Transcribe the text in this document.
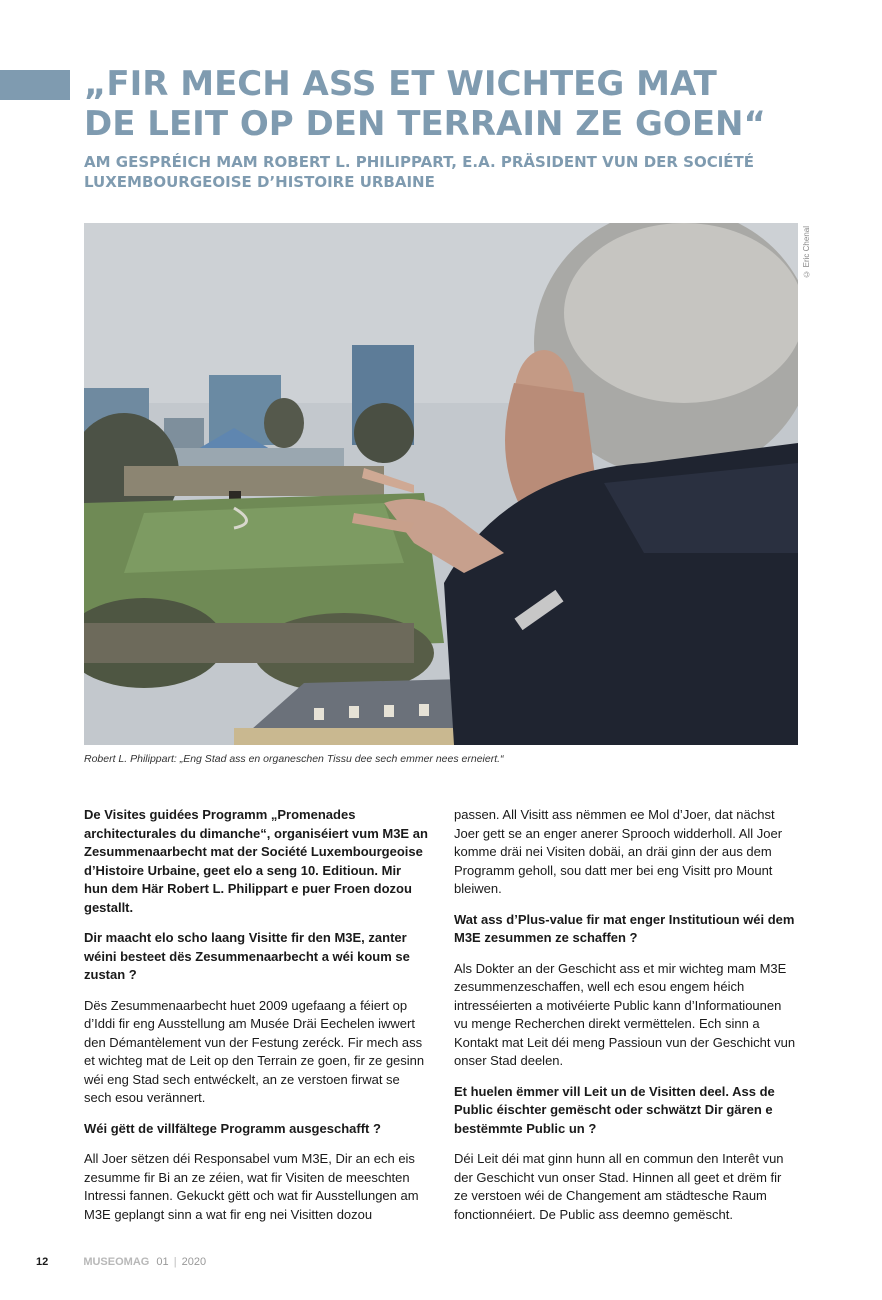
„FIR MECH ASS ET WICHTEG MAT
DE LEIT OP DEN TERRAIN ZE GOEN“
AM GESPRÉICH MAM ROBERT L. PHILIPPART, E.A. PRÄSIDENT VUN DER SOCIÉTÉ
LUXEMBOURGEOISE D’HISTOIRE URBAINE
© Eric Chenal
Robert L. Philippart: „Eng Stad ass en organeschen Tissu dee sech emmer nees erneiert.“

De Visites guidées Programm „Promenades architecturales du dimanche“, organiséiert vum M3E an Zesummenaarbecht mat der Société Luxembourgeoise d’Histoire Urbaine, geet elo a seng 10. Editioun. Mir hun dem Här Robert L. Philippart e puer Froen dozou gestallt.

Dir maacht elo scho laang Visitte fir den M3E, zanter wéini besteet dës Zesummenaarbecht a wéi koum se zustan ?

Dës Zesummenaarbecht huet 2009 ugefaang a féiert op d’Iddi fir eng Ausstellung am Musée Dräi Eechelen iwwert den Démantèlement vun der Festung zeréck. Fir mech ass et wichteg mat de Leit op den Terrain ze goen, fir ze gesinn wéi eng Stad sech entwéckelt, an ze verstoen firwat se sech esou verännert.

Wéi gëtt de villfältege Programm ausgeschafft ?

All Joer sëtzen déi Responsabel vum M3E, Dir an ech eis zesumme fir Bi an ze zéien, wat fir Visiten de meeschten Intressi fannen. Gekuckt gëtt och wat fir Ausstellungen am M3E geplangt sinn a wat fir eng nei Visitten dozou

passen. All Visitt ass nëmmen ee Mol d’Joer, dat nächst Joer gett se an enger anerer Sprooch widderholl. All Joer komme dräi nei Visiten dobäi, an dräi ginn der aus dem Programm geholl, sou datt mer bei eng Visitt pro Mount bleiwen.

Wat ass d’Plus-value fir mat enger Institutioun wéi dem M3E zesummen ze schaffen ?

Als Dokter an der Geschicht ass et mir wichteg mam M3E zesummenzeschaffen, well ech esou engem héich intresséierten a motivéierte Public kann d’Informatiounen vu menge Recherchen direkt vermëttelen. Ech sinn a Kontakt mat Leit déi meng Passioun vun der Geschicht vun onser Stad deelen.

Et huelen ëmmer vill Leit un de Visitten deel. Ass de Public éischter gemëscht oder schwätzt Dir gären e bestëmmte Public un ?

Déi Leit déi mat ginn hunn all en commun den Interêt vun der Geschicht vun onser Stad. Hinnen all geet et drëm fir ze verstoen wéi de Changement am städtesche Raum fonctionnéiert. De Public ass deemno gemëscht.

12	MUSEOMAG 01 | 2020
